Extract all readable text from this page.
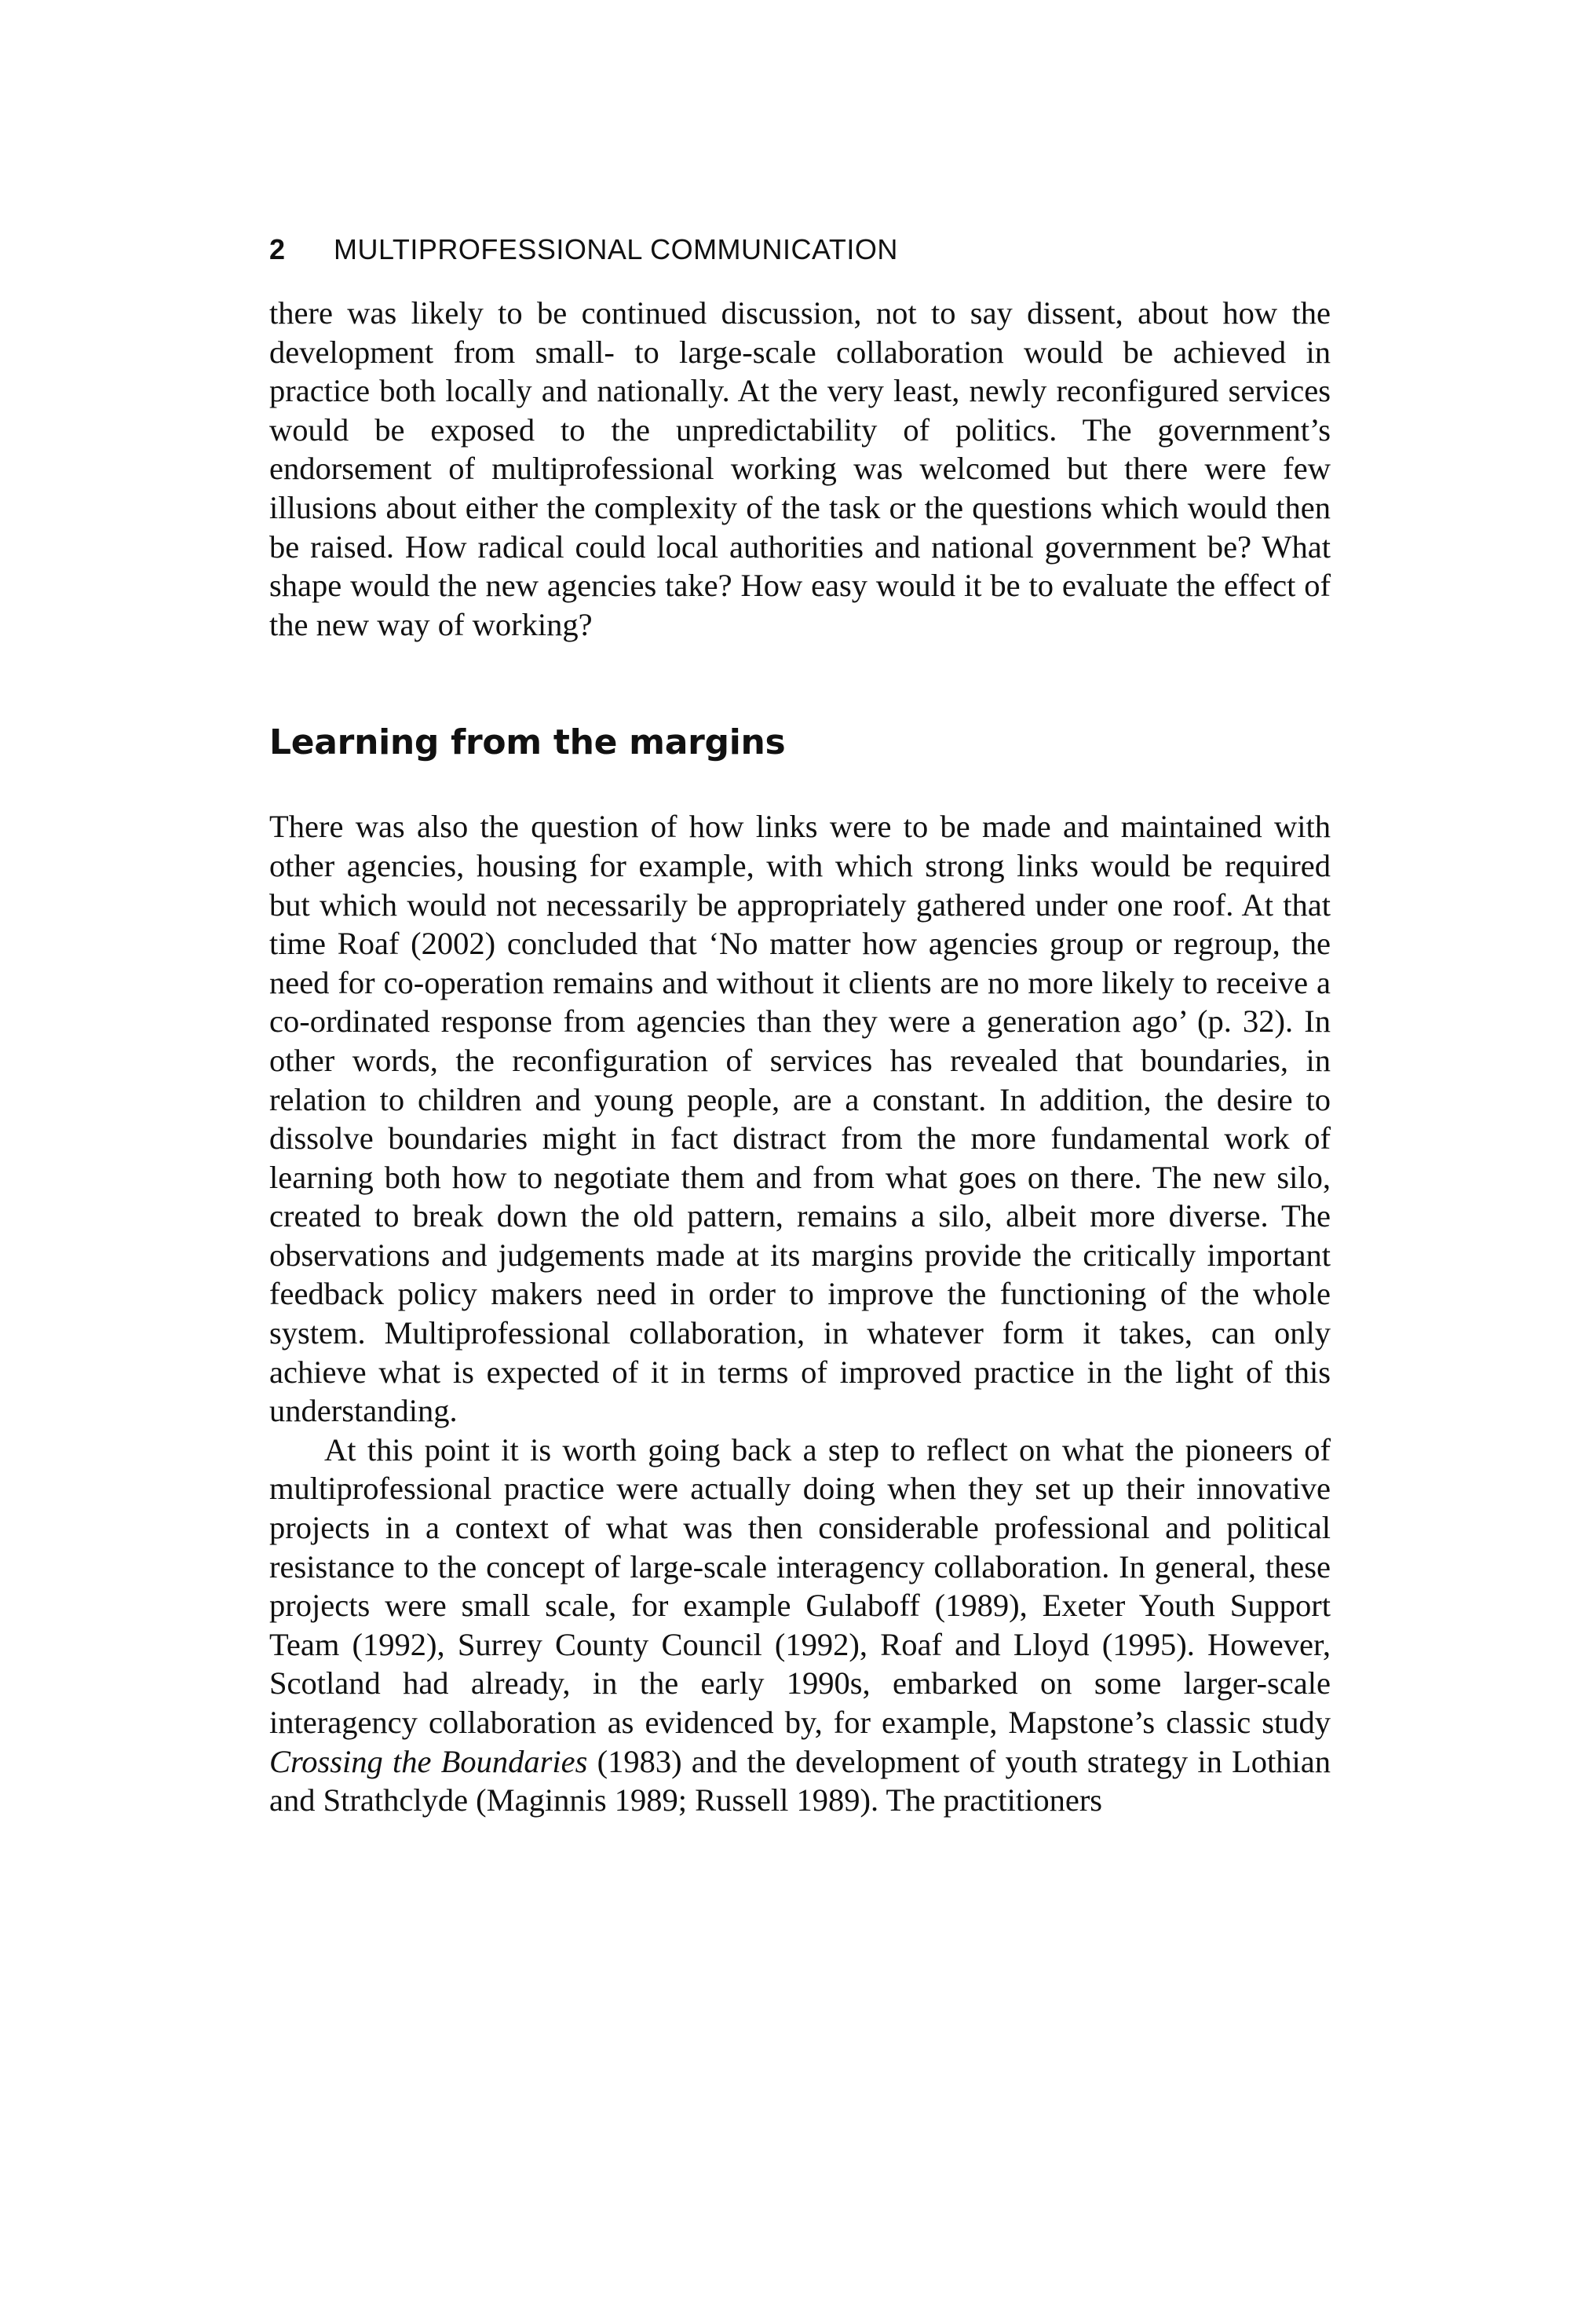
2 MULTIPROFESSIONAL COMMUNICATION

there was likely to be continued discussion, not to say dissent, about how the development from small- to large-scale collaboration would be achieved in practice both locally and nationally. At the very least, newly reconfigured services would be exposed to the unpredictability of politics. The government’s endorsement of multiprofessional working was welcomed but there were few illusions about either the complexity of the task or the questions which would then be raised. How radical could local authorities and national government be? What shape would the new agencies take? How easy would it be to evaluate the effect of the new way of working?

Learning from the margins

There was also the question of how links were to be made and maintained with other agencies, housing for example, with which strong links would be required but which would not necessarily be appropriately gathered under one roof. At that time Roaf (2002) concluded that ‘No matter how agencies group or regroup, the need for co-operation remains and without it clients are no more likely to receive a co-ordinated response from agencies than they were a generation ago’ (p. 32). In other words, the reconfiguration of services has revealed that boundaries, in relation to children and young people, are a constant. In addition, the desire to dissolve boundaries might in fact distract from the more fundamental work of learning both how to negotiate them and from what goes on there. The new silo, created to break down the old pattern, remains a silo, albeit more diverse. The observations and judgements made at its margins provide the critically important feedback policy makers need in order to improve the functioning of the whole system. Multiprofessional collaboration, in whatever form it takes, can only achieve what is expected of it in terms of improved practice in the light of this understanding.

At this point it is worth going back a step to reflect on what the pioneers of multiprofessional practice were actually doing when they set up their innovative projects in a context of what was then considerable professional and political resistance to the concept of large-scale interagency collaboration. In general, these projects were small scale, for example Gulaboff (1989), Exeter Youth Support Team (1992), Surrey County Council (1992), Roaf and Lloyd (1995). However, Scotland had already, in the early 1990s, embarked on some larger-scale interagency collaboration as evidenced by, for example, Mapstone’s classic study Crossing the Boundaries (1983) and the development of youth strategy in Lothian and Strathclyde (Maginnis 1989; Russell 1989). The practitioners
